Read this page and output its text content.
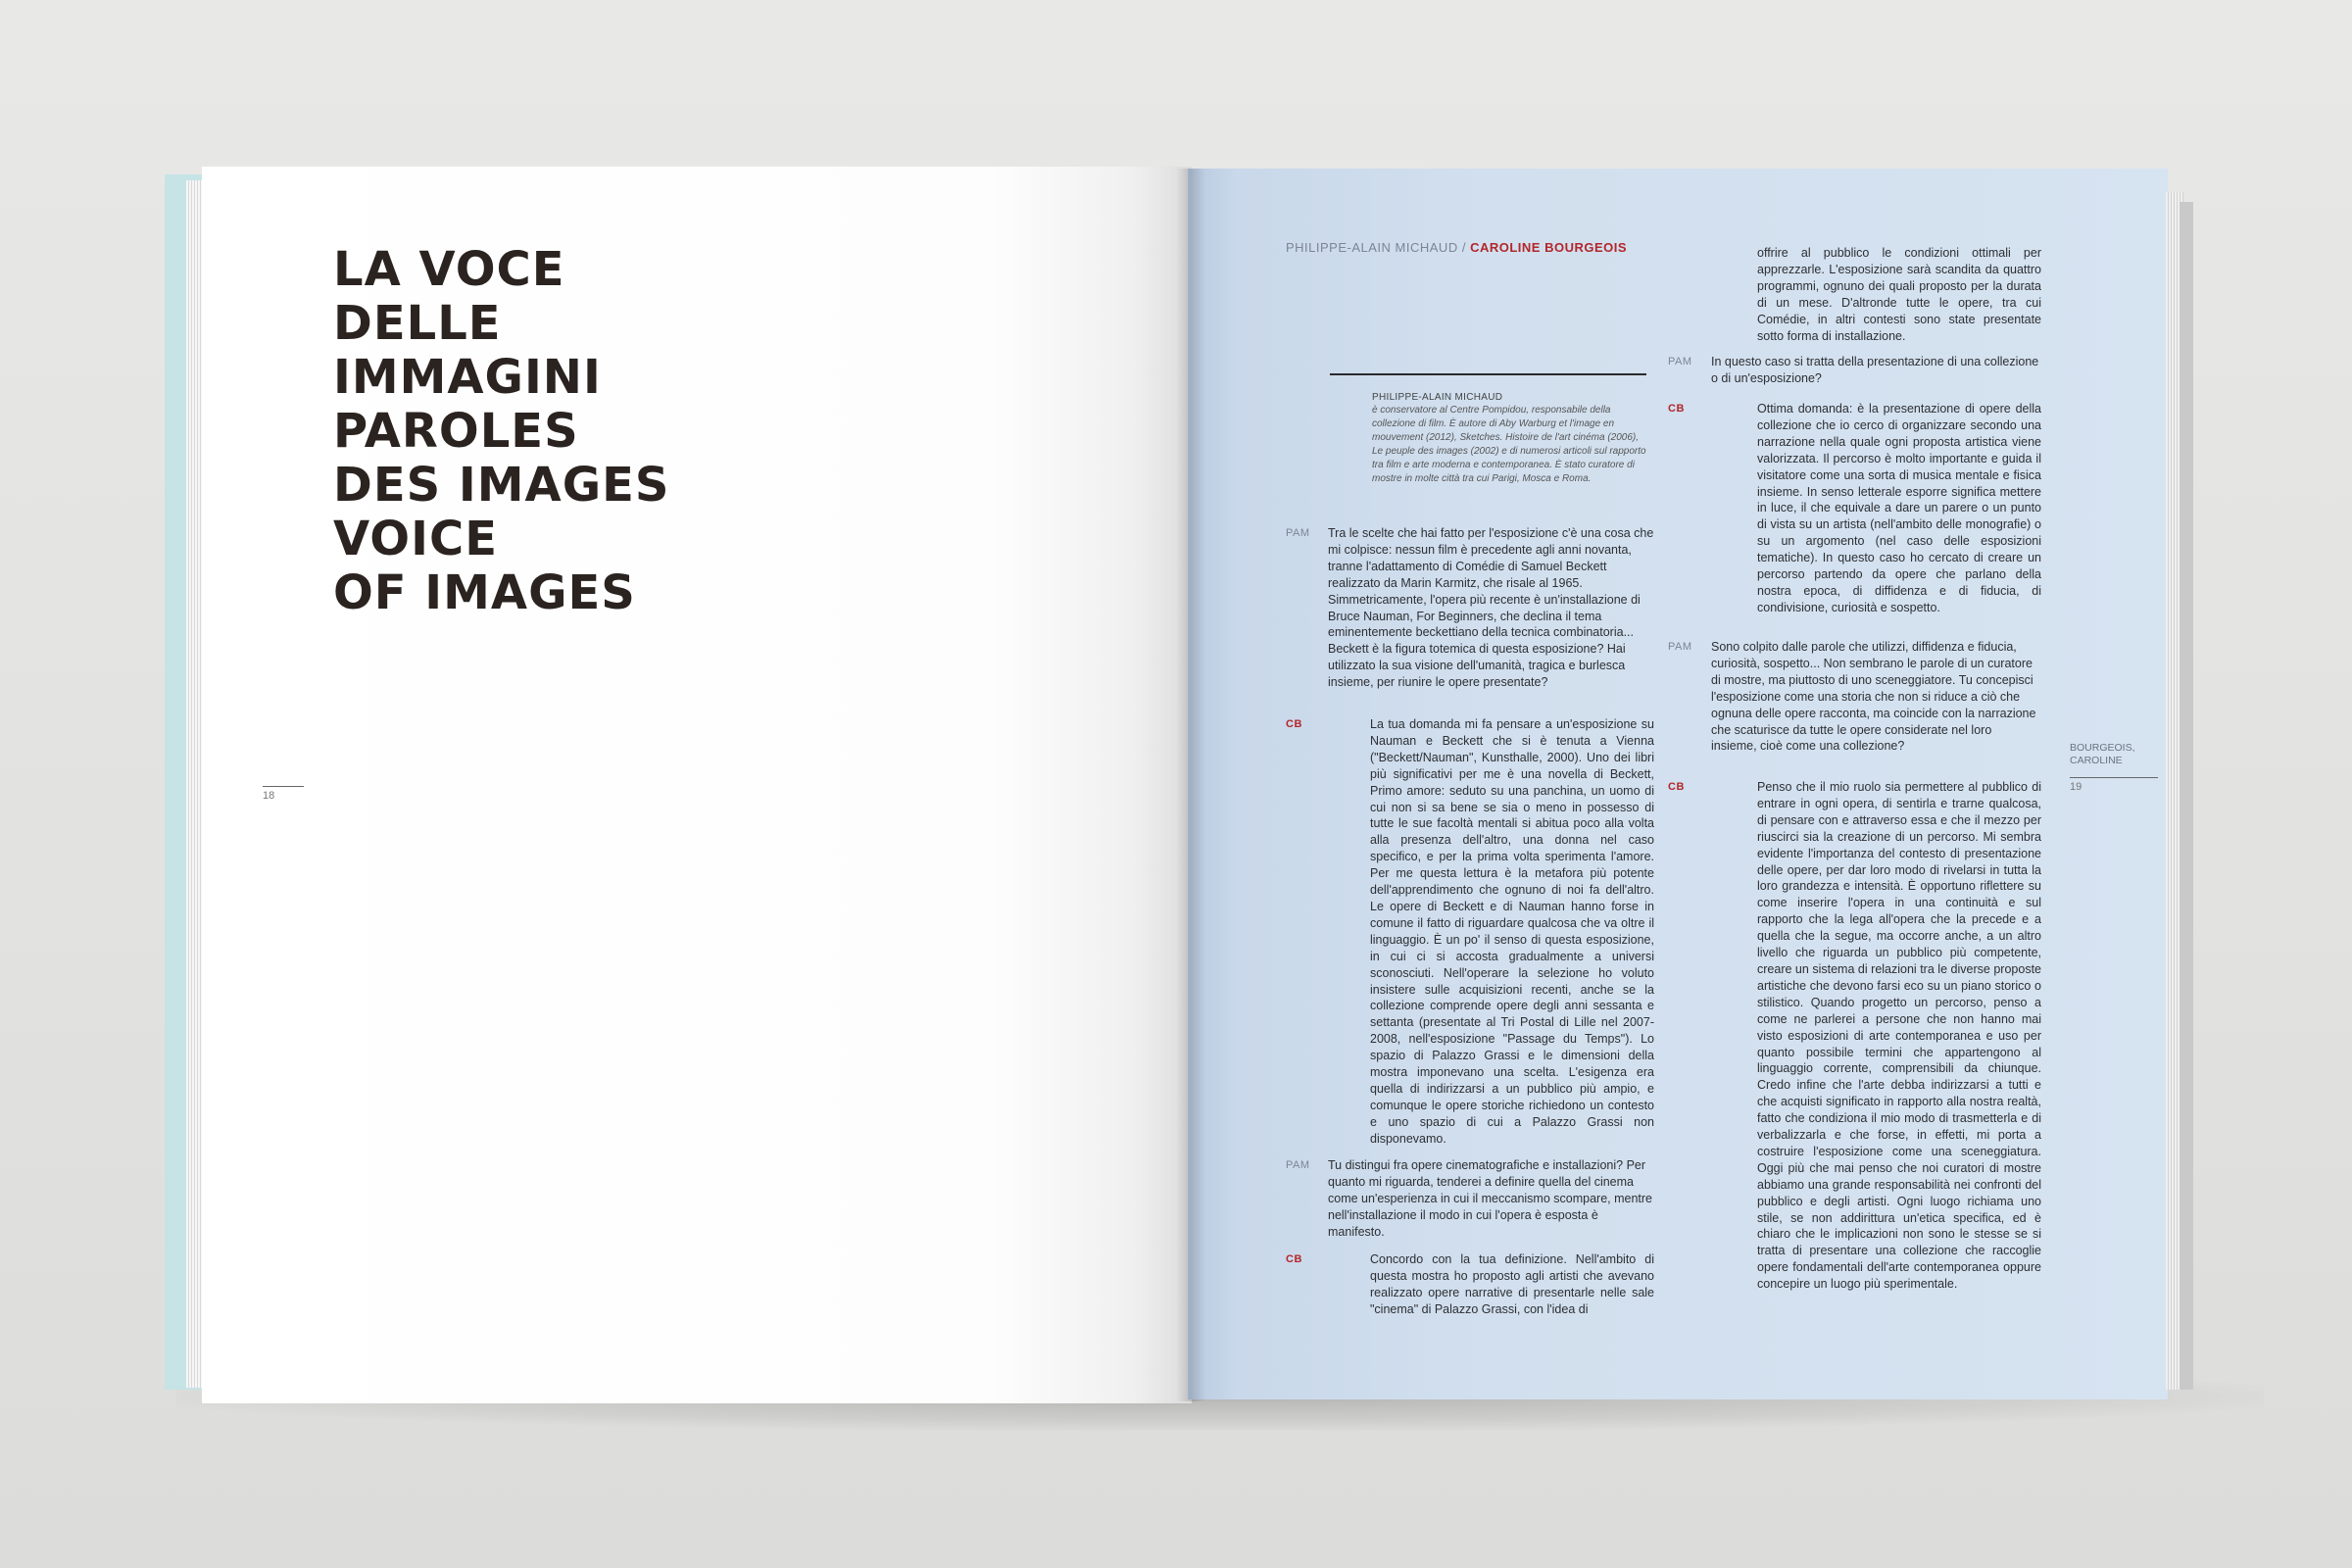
LA VOCE
DELLE
IMMAGINI
PAROLES
DES IMAGES
VOICE
OF IMAGES
18
PHILIPPE-ALAIN MICHAUD / CAROLINE BOURGEOIS
PHILIPPE-ALAIN MICHAUD
è conservatore al Centre Pompidou, responsabile della collezione di film. È autore di Aby Warburg et l'image en mouvement (2012), Sketches. Histoire de l'art cinéma (2006), Le peuple des images (2002) e di numerosi articoli sul rapporto tra film e arte moderna e contemporanea. È stato curatore di mostre in molte città tra cui Parigi, Mosca e Roma.
PAM Tra le scelte che hai fatto per l'esposizione c'è una cosa che mi colpisce: nessun film è precedente agli anni novanta, tranne l'adattamento di Comédie di Samuel Beckett realizzato da Marin Karmitz, che risale al 1965. Simmetricamente, l'opera più recente è un'installazione di Bruce Nauman, For Beginners, che declina il tema eminentemente beckettiano della tecnica combinatoria... Beckett è la figura totemica di questa esposizione? Hai utilizzato la sua visione dell'umanità, tragica e burlesca insieme, per riunire le opere presentate?
CB	La tua domanda mi fa pensare a un'esposizione su Nauman e Beckett che si è tenuta a Vienna ("Beckett/Nauman", Kunsthalle, 2000). Uno dei libri più significativi per me è una novella di Beckett, Primo amore: seduto su una panchina, un uomo di cui non si sa bene se sia o meno in possesso di tutte le sue facoltà mentali si abitua poco alla volta alla presenza dell'altro, una donna nel caso specifico, e per la prima volta sperimenta l'amore. Per me questa lettura è la metafora più potente dell'apprendimento che ognuno di noi fa dell'altro. Le opere di Beckett e di Nauman hanno forse in comune il fatto di riguardare qualcosa che va oltre il linguaggio. È un po' il senso di questa esposizione, in cui ci si accosta gradualmente a universi sconosciuti. Nell'operare la selezione ho voluto insistere sulle acquisizioni recenti, anche se la collezione comprende opere degli anni sessanta e settanta (presentate al Tri Postal di Lille nel 2007-2008, nell'esposizione "Passage du Temps"). Lo spazio di Palazzo Grassi e le dimensioni della mostra imponevano una scelta. L'esigenza era quella di indirizzarsi a un pubblico più ampio, e comunque le opere storiche richiedono un contesto e uno spazio di cui a Palazzo Grassi non disponevamo.
PAM Tu distingui fra opere cinematografiche e installazioni? Per quanto mi riguarda, tenderei a definire quella del cinema come un'esperienza in cui il meccanismo scompare, mentre nell'installazione il modo in cui l'opera è esposta è manifesto.
CB	Concordo con la tua definizione. Nell'ambito di questa mostra ho proposto agli artisti che avevano realizzato opere narrative di presentarle nelle sale "cinema" di Palazzo Grassi, con l'idea di
offrire al pubblico le condizioni ottimali per apprezzarle. L'esposizione sarà scandita da quattro programmi, ognuno dei quali proposto per la durata di un mese. D'altronde tutte le opere, tra cui Comédie, in altri contesti sono state presentate sotto forma di installazione.
PAM In questo caso si tratta della presentazione di una collezione o di un'esposizione?
CB	Ottima domanda: è la presentazione di opere della collezione che io cerco di organizzare secondo una narrazione nella quale ogni proposta artistica viene valorizzata. Il percorso è molto importante e guida il visitatore come una sorta di musica mentale e fisica insieme. In senso letterale esporre significa mettere in luce, il che equivale a dare un parere o un punto di vista su un artista (nell'ambito delle monografie) o su un argomento (nel caso delle esposizioni tematiche). In questo caso ho cercato di creare un percorso partendo da opere che parlano della nostra epoca, di diffidenza e di fiducia, di condivisione, curiosità e sospetto.
PAM Sono colpito dalle parole che utilizzi, diffidenza e fiducia, curiosità, sospetto... Non sembrano le parole di un curatore di mostre, ma piuttosto di uno sceneggiatore. Tu concepisci l'esposizione come una storia che non si riduce a ciò che ognuna delle opere racconta, ma coincide con la narrazione che scaturisce da tutte le opere considerate nel loro insieme, cioè come una collezione?
CB	Penso che il mio ruolo sia permettere al pubblico di entrare in ogni opera, di sentirla e trarne qualcosa, di pensare con e attraverso essa e che il mezzo per riuscirci sia la creazione di un percorso. Mi sembra evidente l'importanza del contesto di presentazione delle opere, per dar loro modo di rivelarsi in tutta la loro grandezza e intensità. È opportuno riflettere su come inserire l'opera in una continuità e sul rapporto che la lega all'opera che la precede e a quella che la segue, ma occorre anche, a un altro livello che riguarda un pubblico più competente, creare un sistema di relazioni tra le diverse proposte artistiche che devono farsi eco su un piano storico o stilistico. Quando progetto un percorso, penso a come ne parlerei a persone che non hanno mai visto esposizioni di arte contemporanea e uso per quanto possibile termini che appartengono al linguaggio corrente, comprensibili da chiunque. Credo infine che l'arte debba indirizzarsi a tutti e che acquisti significato in rapporto alla nostra realtà, fatto che condiziona il mio modo di trasmetterla e di verbalizzarla e che forse, in effetti, mi porta a costruire l'esposizione come una sceneggiatura. Oggi più che mai penso che noi curatori di mostre abbiamo una grande responsabilità nei confronti del pubblico e degli artisti. Ogni luogo richiama uno stile, se non addirittura un'etica specifica, ed è chiaro che le implicazioni non sono le stesse se si tratta di presentare una collezione che raccoglie opere fondamentali dell'arte contemporanea oppure concepire un luogo più sperimentale.
BOURGEOIS,
CAROLINE
19
